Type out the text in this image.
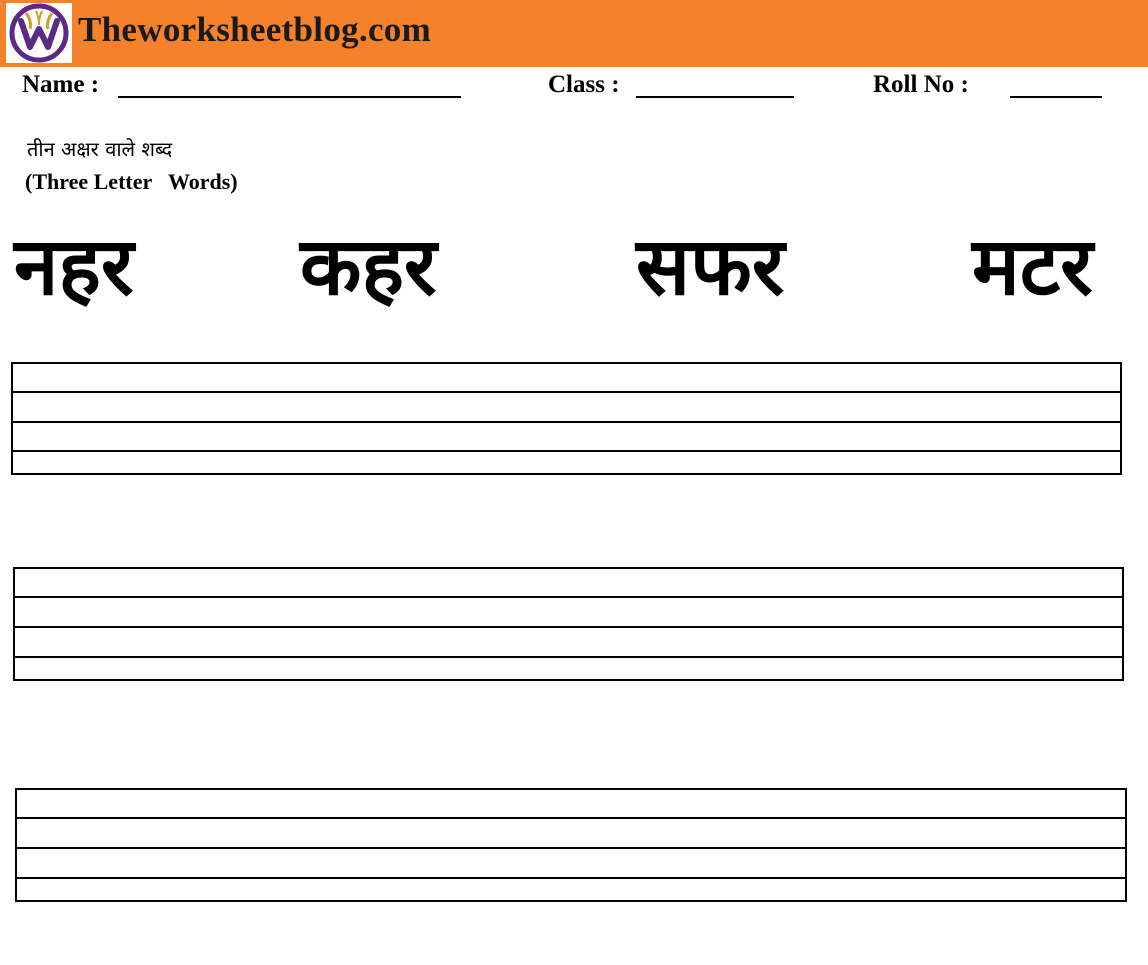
Theworksheetblog.com
Name :	Class :	Roll No :
तीन अक्षर वाले शब्द
(Three Letter   Words)
नहर कहर सफर मटर
